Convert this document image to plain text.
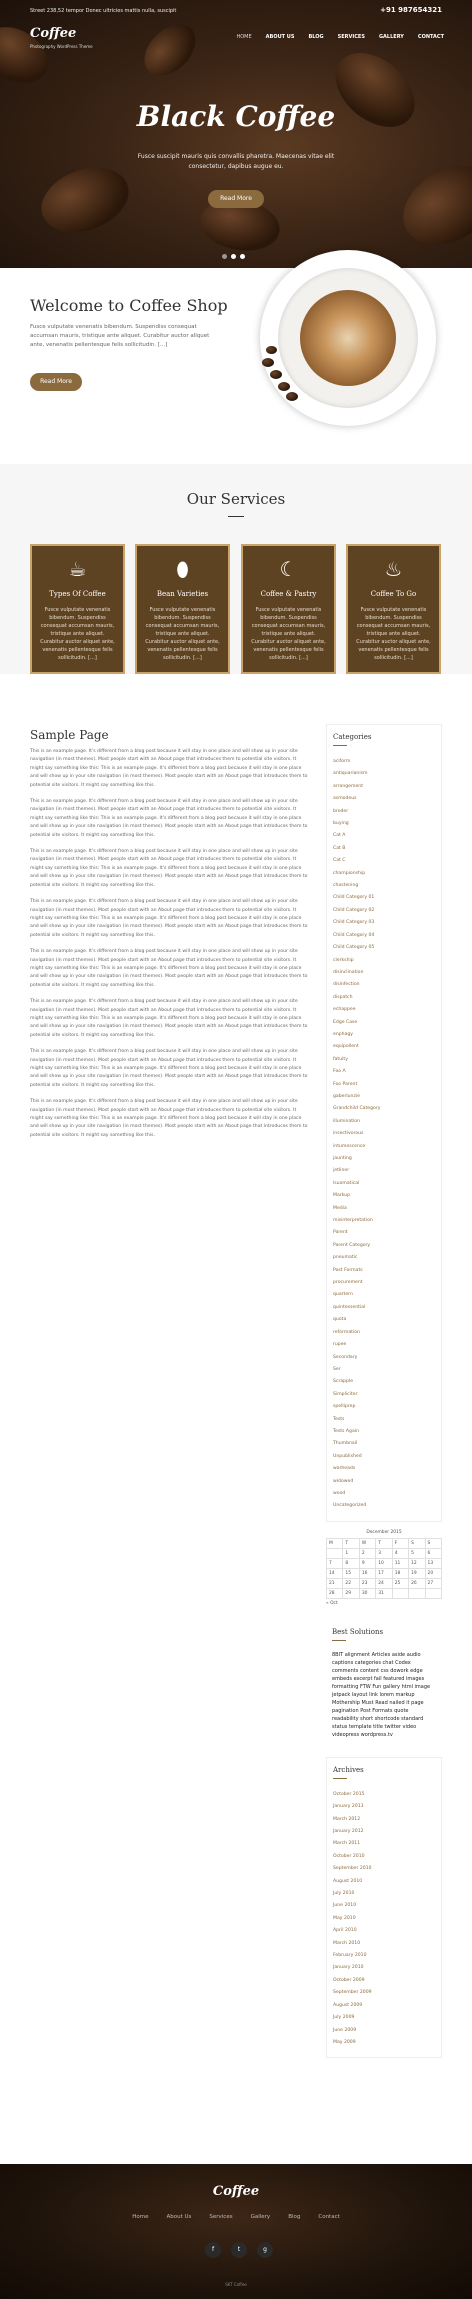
Street 238,52 tempor Donec ultricies mattis nulla, suscipit	+91 987654321
Coffee
Photography WordPress Theme
HOME	ABOUT US	BLOG	SERVICES	GALLERY	CONTACT
Black Coffee
Fusce suscipit mauris quis convallis pharetra. Maecenas vitae elit consectetur, dapibus augue eu.
Read More
Welcome to Coffee Shop

Fusce vulputate venenatis bibendum. Suspendiss consequat accumsan mauris, tristique ante aliquet. Curabitur auctor aliquet ante, venenatis pellentesque felis sollicitudin. [...]

Read More
Our Services
☕
Types Of Coffee

Fusce vulputate venenatis bibendum. Suspendiss consequat accumsan mauris, tristique ante aliquet. Curabitur auctor aliquet ante, venenatis pellentesque felis sollicitudin. [...]

⬮
Bean Varieties

Fusce vulputate venenatis bibendum. Suspendiss consequat accumsan mauris, tristique ante aliquet. Curabitur auctor aliquet ante, venenatis pellentesque felis sollicitudin. [...]

☾
Coffee & Pastry

Fusce vulputate venenatis bibendum. Suspendiss consequat accumsan mauris, tristique ante aliquet. Curabitur auctor aliquet ante, venenatis pellentesque felis sollicitudin. [...]

♨
Coffee To Go

Fusce vulputate venenatis bibendum. Suspendiss consequat accumsan mauris, tristique ante aliquet. Curabitur auctor aliquet ante, venenatis pellentesque felis sollicitudin. [...]

Sample Page

This is an example page. It's different from a blog post because it will stay in one place and will show up in your site navigation (in most themes). Most people start with an About page that introduces them to potential site visitors. It might say something like this: This is an example page. It's different from a blog post because it will stay in one place and will show up in your site navigation (in most themes). Most people start with an About page that introduces them to potential site visitors. It might say something like this.

This is an example page. It's different from a blog post because it will stay in one place and will show up in your site navigation (in most themes). Most people start with an About page that introduces them to potential site visitors. It might say something like this: This is an example page. It's different from a blog post because it will stay in one place and will show up in your site navigation (in most themes). Most people start with an About page that introduces them to potential site visitors. It might say something like this.

This is an example page. It's different from a blog post because it will stay in one place and will show up in your site navigation (in most themes). Most people start with an About page that introduces them to potential site visitors. It might say something like this: This is an example page. It's different from a blog post because it will stay in one place and will show up in your site navigation (in most themes). Most people start with an About page that introduces them to potential site visitors. It might say something like this.

This is an example page. It's different from a blog post because it will stay in one place and will show up in your site navigation (in most themes). Most people start with an About page that introduces them to potential site visitors. It might say something like this: This is an example page. It's different from a blog post because it will stay in one place and will show up in your site navigation (in most themes). Most people start with an About page that introduces them to potential site visitors. It might say something like this.

This is an example page. It's different from a blog post because it will stay in one place and will show up in your site navigation (in most themes). Most people start with an About page that introduces them to potential site visitors. It might say something like this: This is an example page. It's different from a blog post because it will stay in one place and will show up in your site navigation (in most themes). Most people start with an About page that introduces them to potential site visitors. It might say something like this.

This is an example page. It's different from a blog post because it will stay in one place and will show up in your site navigation (in most themes). Most people start with an About page that introduces them to potential site visitors. It might say something like this: This is an example page. It's different from a blog post because it will stay in one place and will show up in your site navigation (in most themes). Most people start with an About page that introduces them to potential site visitors. It might say something like this.

This is an example page. It's different from a blog post because it will stay in one place and will show up in your site navigation (in most themes). Most people start with an About page that introduces them to potential site visitors. It might say something like this: This is an example page. It's different from a blog post because it will stay in one place and will show up in your site navigation (in most themes). Most people start with an About page that introduces them to potential site visitors. It might say something like this.

This is an example page. It's different from a blog post because it will stay in one place and will show up in your site navigation (in most themes). Most people start with an About page that introduces them to potential site visitors. It might say something like this: This is an example page. It's different from a blog post because it will stay in one place and will show up in your site navigation (in most themes). Most people start with an About page that introduces them to potential site visitors. It might say something like this.

Categories
aciform
antiquarianism
arrangement
asmodeus
broder
buying
Cat A
Cat B
Cat C
championship
chastening
Child Category 01
Child Category 02
Child Category 03
Child Category 04
Child Category 05
clerkship
disinclination
disinfection
dispatch
echappee
Edge Case
enphagy
equipollent
fatuity
Foo A
Foo Parent
gaberlunzie
Grandchild Category
illumination
insectivorous
intumescence
jaunting
jetliner
lsuomatical
Markup
Media
misinterpretation
Parent
Parent Category
pneumatic
Post Formats
procurement
quartern
quintessential
quota
reformation
rupee
Secondary
Ser
Scrapple
Simpliciter
spelliprep
Tests
Tests Again
Thumbnail
Unpublished
warheads
widowed
wood
Uncategorized
December 2015
M	T	W	T	F	S	S
	1	2	3	4	5	6
7	8	9	10	11	12	13
14	15	16	17	18	19	20
21	22	23	24	25	26	27
28	29	30	31			
« Oct
Best Solutions
8BIT alignment Articles aside audio captions categories chat Codex comments content css dowork edge embeds excerpt fail featured images formatting FTW Fun gallery html image jetpack layout link lorem markup Mothership Must Read nailed it page pagination Post Formats quote readability short shortcode standard status template title twitter video videopress wordpress.tv
Archives
October 2015
January 2013
March 2012
January 2012
March 2011
October 2010
September 2010
August 2010
July 2010
June 2010
May 2010
April 2010
March 2010
February 2010
January 2010
October 2009
September 2009
August 2009
July 2009
June 2009
May 2009
Coffee
Home	About Us	Services	Gallery	Blog	Contact
f	t	g
SKT Coffee
